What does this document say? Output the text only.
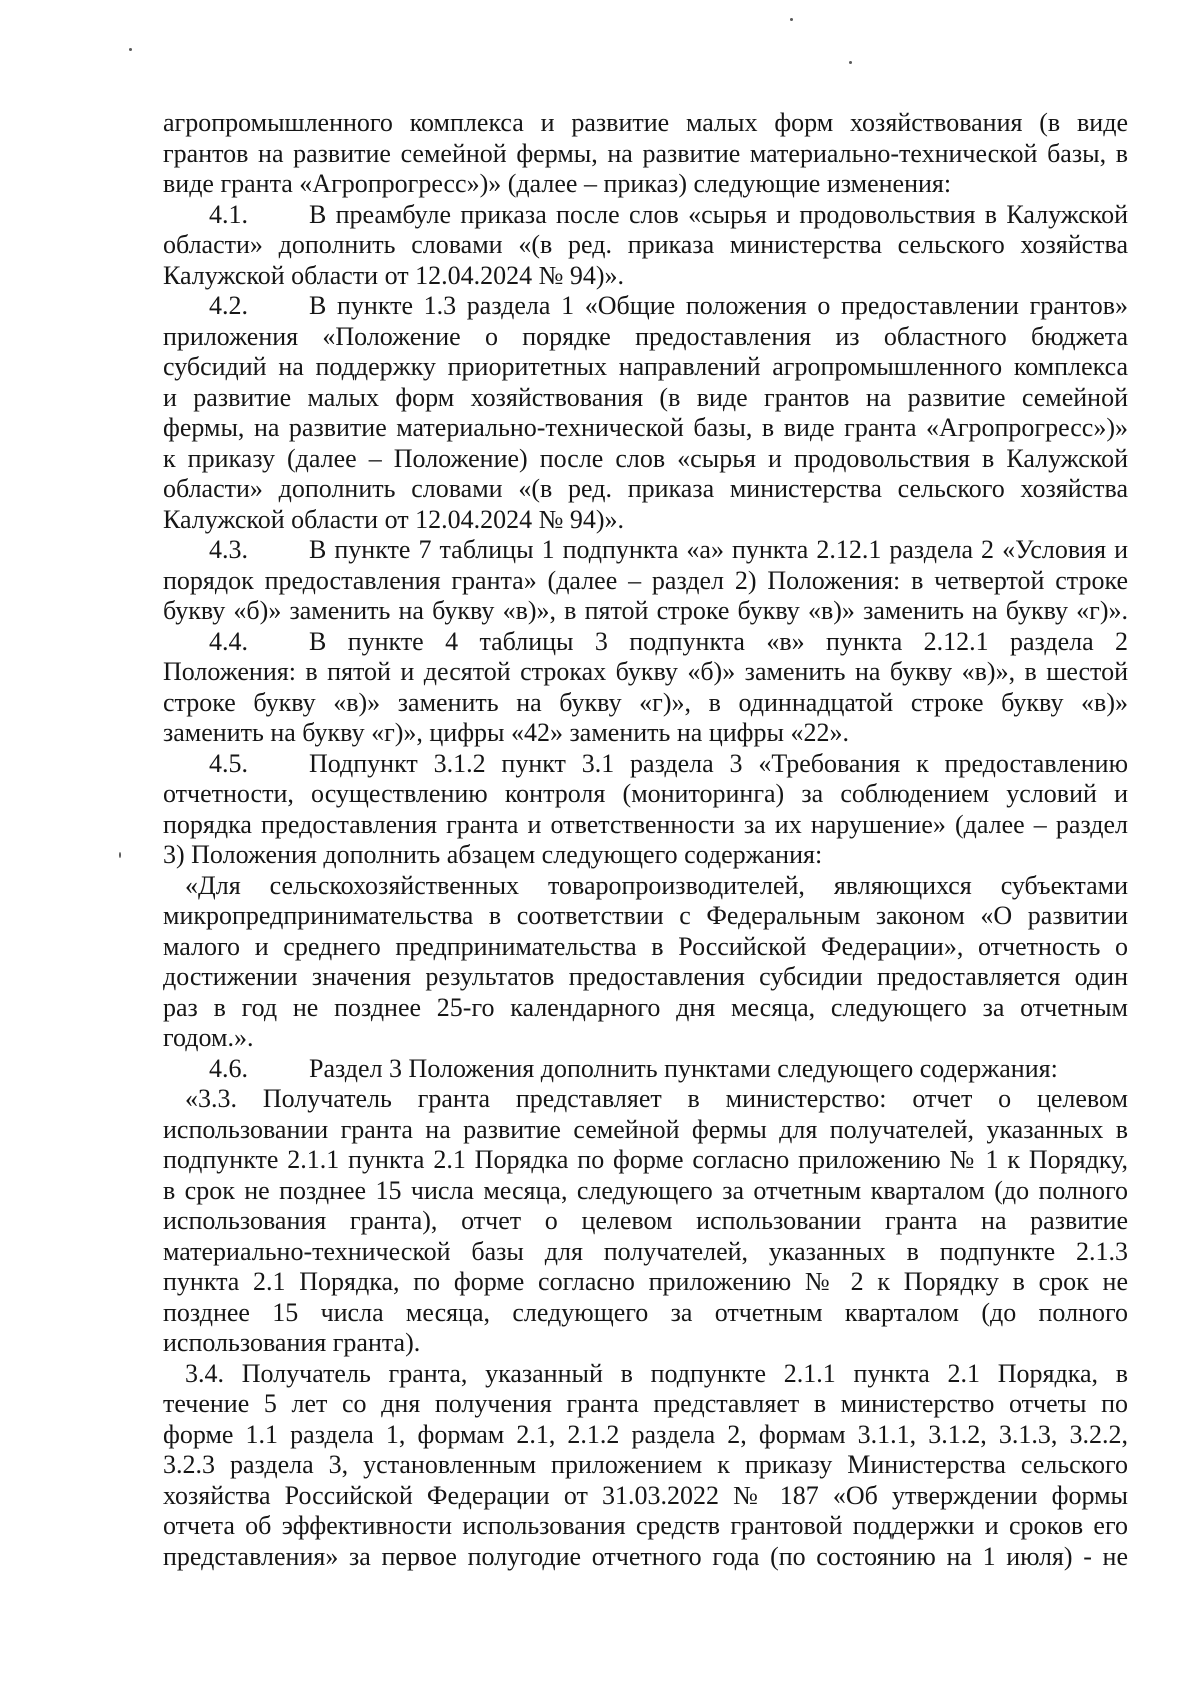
агропромышленного комплекса и развитие малых форм хозяйствования (в виде
грантов на развитие семейной фермы, на развитие материально-технической базы, в
виде гранта «Агропрогресс»)» (далее – приказ) следующие изменения:
4.1. В преамбуле приказа после слов «сырья и продовольствия в Калужской
области» дополнить словами «(в ред. приказа министерства сельского хозяйства
Калужской области от 12.04.2024 № 94)».
4.2. В пункте 1.3 раздела 1 «Общие положения о предоставлении грантов»
приложения «Положение о порядке предоставления из областного бюджета
субсидий на поддержку приоритетных направлений агропромышленного комплекса
и развитие малых форм хозяйствования (в виде грантов на развитие семейной
фермы, на развитие материально-технической базы, в виде гранта «Агропрогресс»)»
к приказу (далее – Положение) после слов «сырья и продовольствия в Калужской
области» дополнить словами «(в ред. приказа министерства сельского хозяйства
Калужской области от 12.04.2024 № 94)».
4.3. В пункте 7 таблицы 1 подпункта «а» пункта 2.12.1 раздела 2 «Условия и
порядок предоставления гранта» (далее – раздел 2) Положения: в четвертой строке
букву «б)» заменить на букву «в)», в пятой строке букву «в)» заменить на букву «г)».
4.4. В пункте 4 таблицы 3 подпункта «в» пункта 2.12.1 раздела 2
Положения: в пятой и десятой строках букву «б)» заменить на букву «в)», в шестой
строке букву «в)» заменить на букву «г)», в одиннадцатой строке букву «в)»
заменить на букву «г)», цифры «42» заменить на цифры «22».
4.5. Подпункт 3.1.2 пункт 3.1 раздела 3 «Требования к предоставлению
отчетности, осуществлению контроля (мониторинга) за соблюдением условий и
порядка предоставления гранта и ответственности за их нарушение» (далее – раздел
3) Положения дополнить абзацем следующего содержания:
«Для сельскохозяйственных товаропроизводителей, являющихся субъектами
микропредпринимательства в соответствии с Федеральным законом «О развитии
малого и среднего предпринимательства в Российской Федерации», отчетность о
достижении значения результатов предоставления субсидии предоставляется один
раз в год не позднее 25-го календарного дня месяца, следующего за отчетным
годом.».
4.6. Раздел 3 Положения дополнить пунктами следующего содержания:
«3.3. Получатель гранта представляет в министерство: отчет о целевом
использовании гранта на развитие семейной фермы для получателей, указанных в
подпункте 2.1.1 пункта 2.1 Порядка по форме согласно приложению № 1 к Порядку,
в срок не позднее 15 числа месяца, следующего за отчетным кварталом (до полного
использования гранта), отчет о целевом использовании гранта на развитие
материально-технической базы для получателей, указанных в подпункте 2.1.3
пункта 2.1 Порядка, по форме согласно приложению № 2 к Порядку в срок не
позднее 15 числа месяца, следующего за отчетным кварталом (до полного
использования гранта).
3.4. Получатель гранта, указанный в подпункте 2.1.1 пункта 2.1 Порядка, в
течение 5 лет со дня получения гранта представляет в министерство отчеты по
форме 1.1 раздела 1, формам 2.1, 2.1.2 раздела 2, формам 3.1.1, 3.1.2, 3.1.3, 3.2.2,
3.2.3 раздела 3, установленным приложением к приказу Министерства сельского
хозяйства Российской Федерации от 31.03.2022 № 187 «Об утверждении формы
отчета об эффективности использования средств грантовой поддержки и сроков его
представления» за первое полугодие отчетного года (по состоянию на 1 июля) - не
